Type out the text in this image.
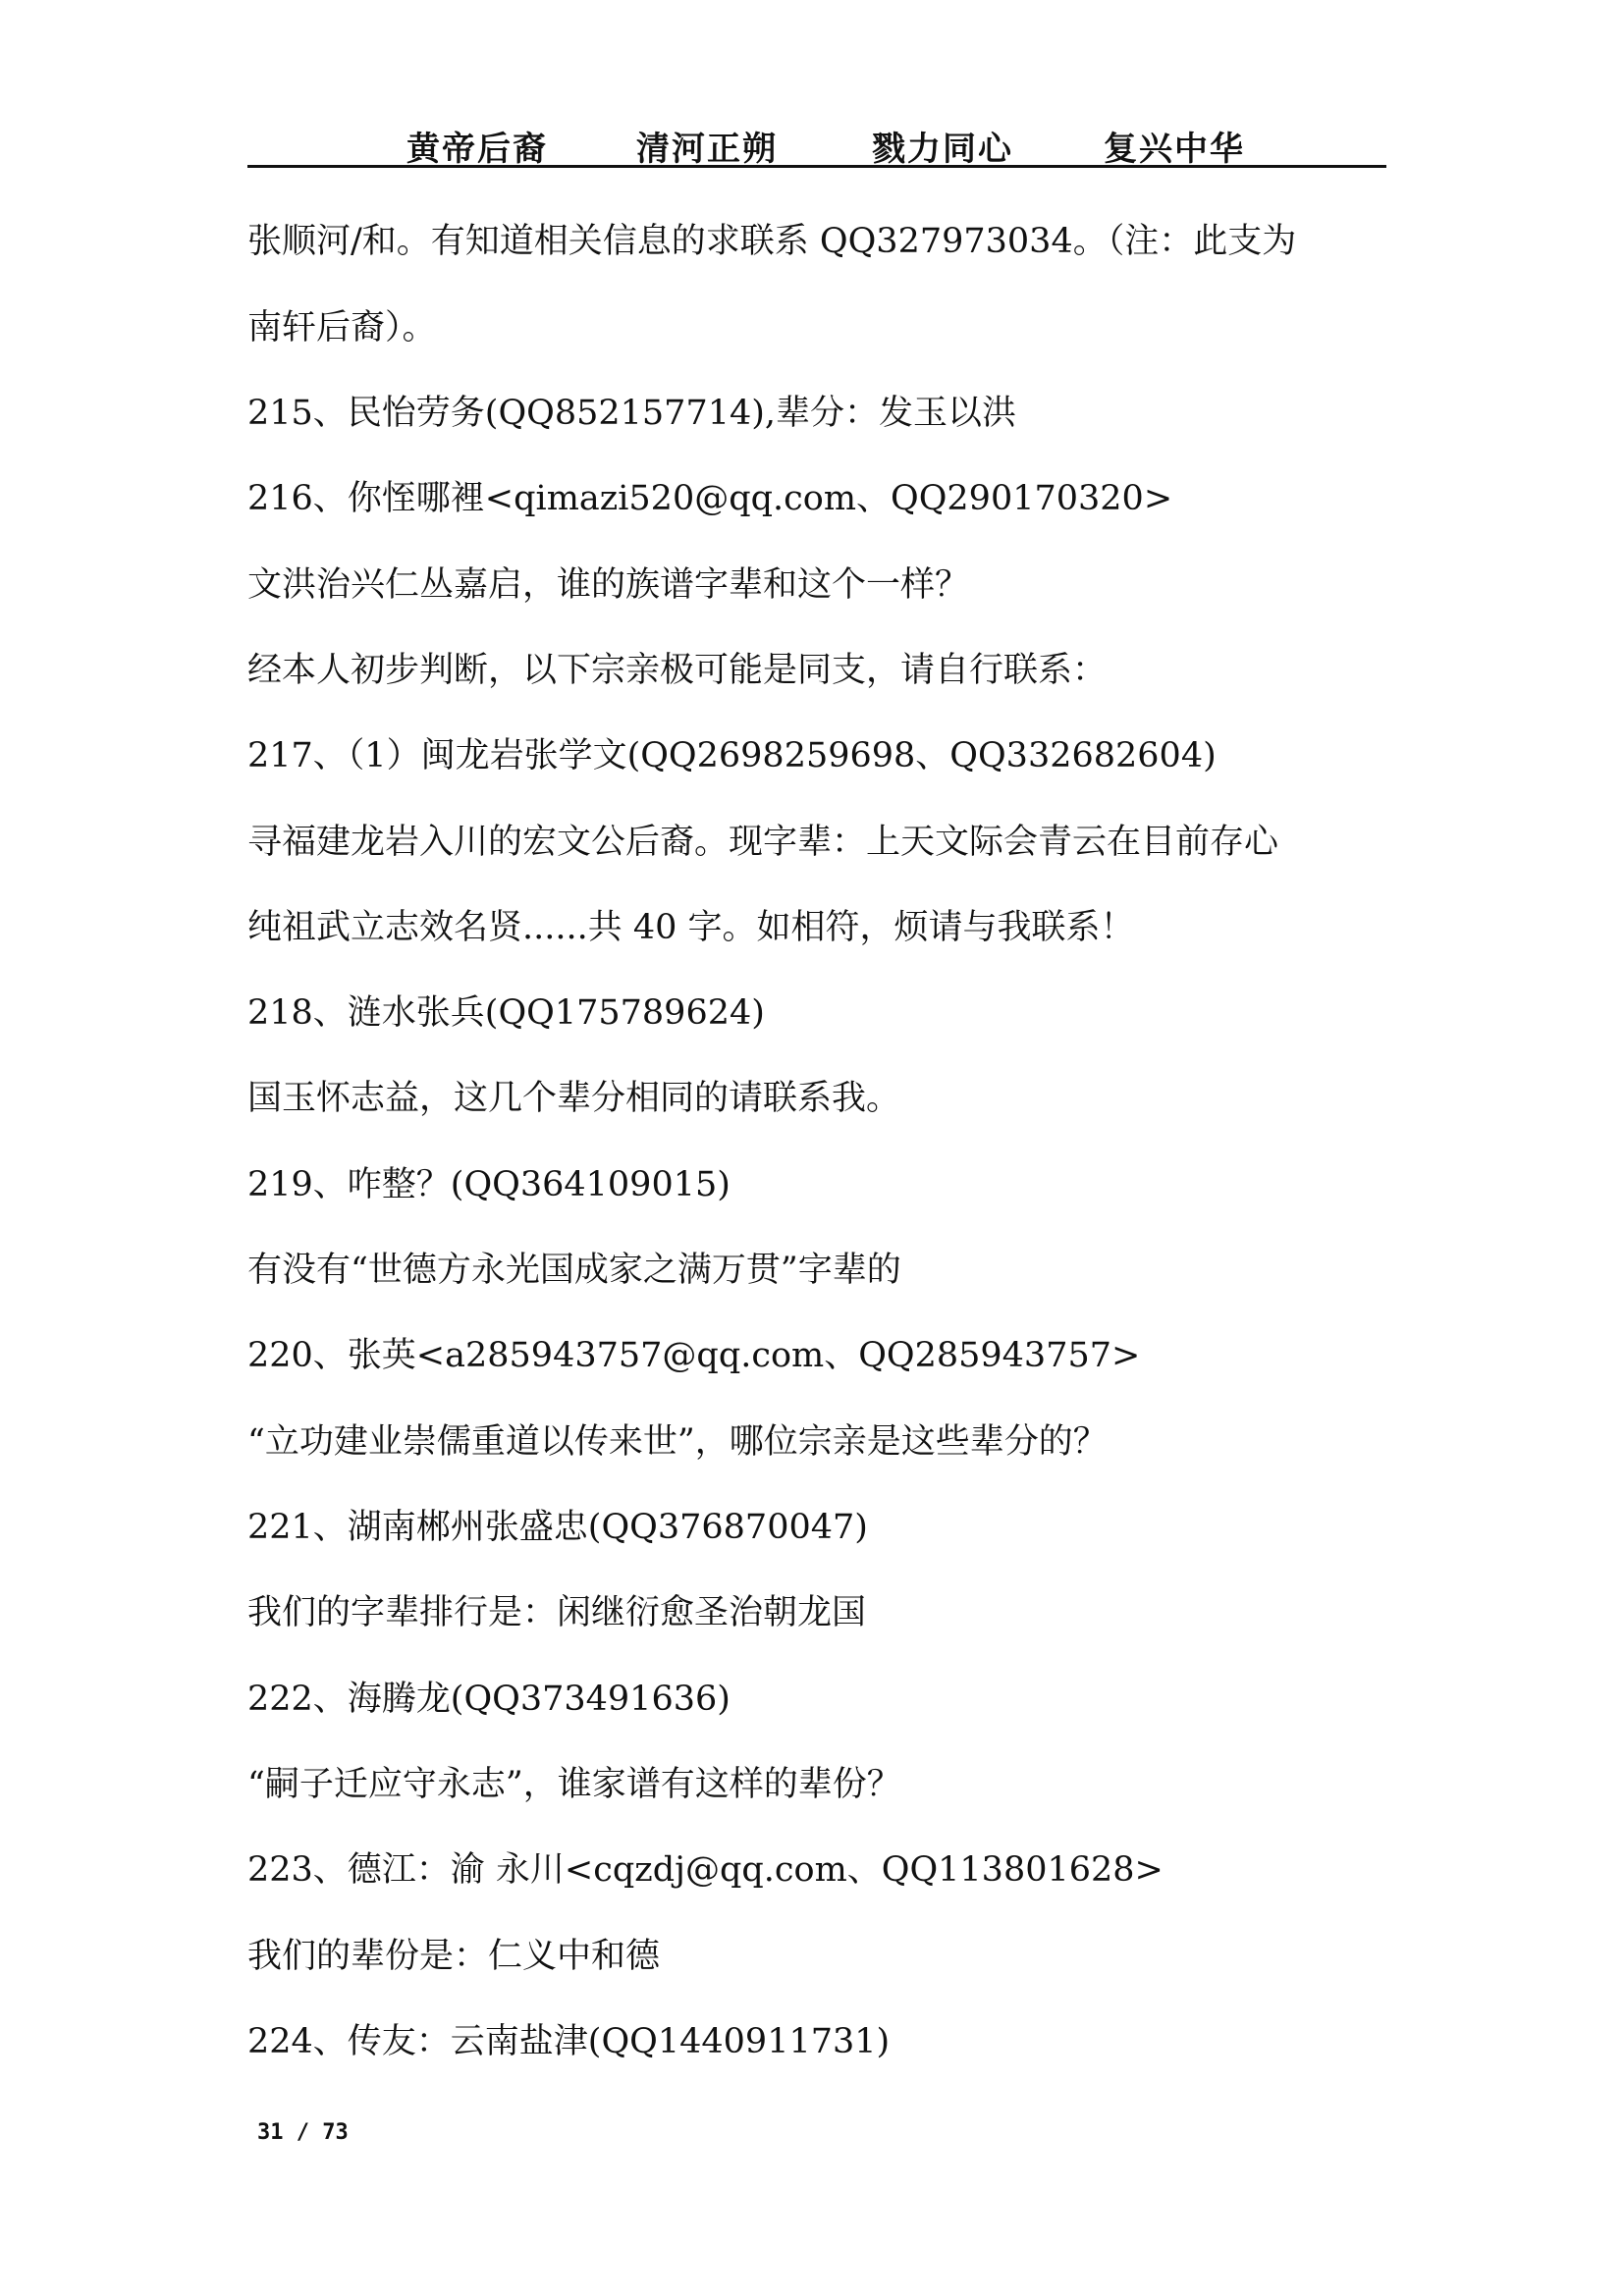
黄帝后裔	清河正朔	戮力同心	复兴中华
张顺河/和。有知道相关信息的求联系 QQ327973034。（注：此支为
南轩后裔）。
215、民怡劳务(QQ852157714),辈分：发玉以洪
216、你恎哪裡<qimazi520@qq.com、QQ290170320>
文洪治兴仁丛嘉启，谁的族谱字辈和这个一样？
经本人初步判断，以下宗亲极可能是同支，请自行联系：
217、（1）闽龙岩张学文(QQ2698259698、QQ332682604)
寻福建龙岩入川的宏文公后裔。现字辈：上天文际会青云在目前存心
纯祖武立志效名贤......共 40 字。如相符，烦请与我联系！
218、涟水张兵(QQ175789624)
国玉怀志益，这几个辈分相同的请联系我。
219、咋整？(QQ364109015)
有没有“世德方永光国成家之满万贯”字辈的
220、张英<a285943757@qq.com、QQ285943757>
“立功建业崇儒重道以传来世”，哪位宗亲是这些辈分的？
221、湖南郴州张盛忠(QQ376870047)
我们的字辈排行是：闲继衍愈圣治朝龙国
222、海腾龙(QQ373491636)
“嗣子迁应守永志”，谁家谱有这样的辈份？
223、德江：渝 永川<cqzdj@qq.com、QQ113801628>
我们的辈份是：仁义中和德
224、传友：云南盐津(QQ1440911731)
31 / 73
